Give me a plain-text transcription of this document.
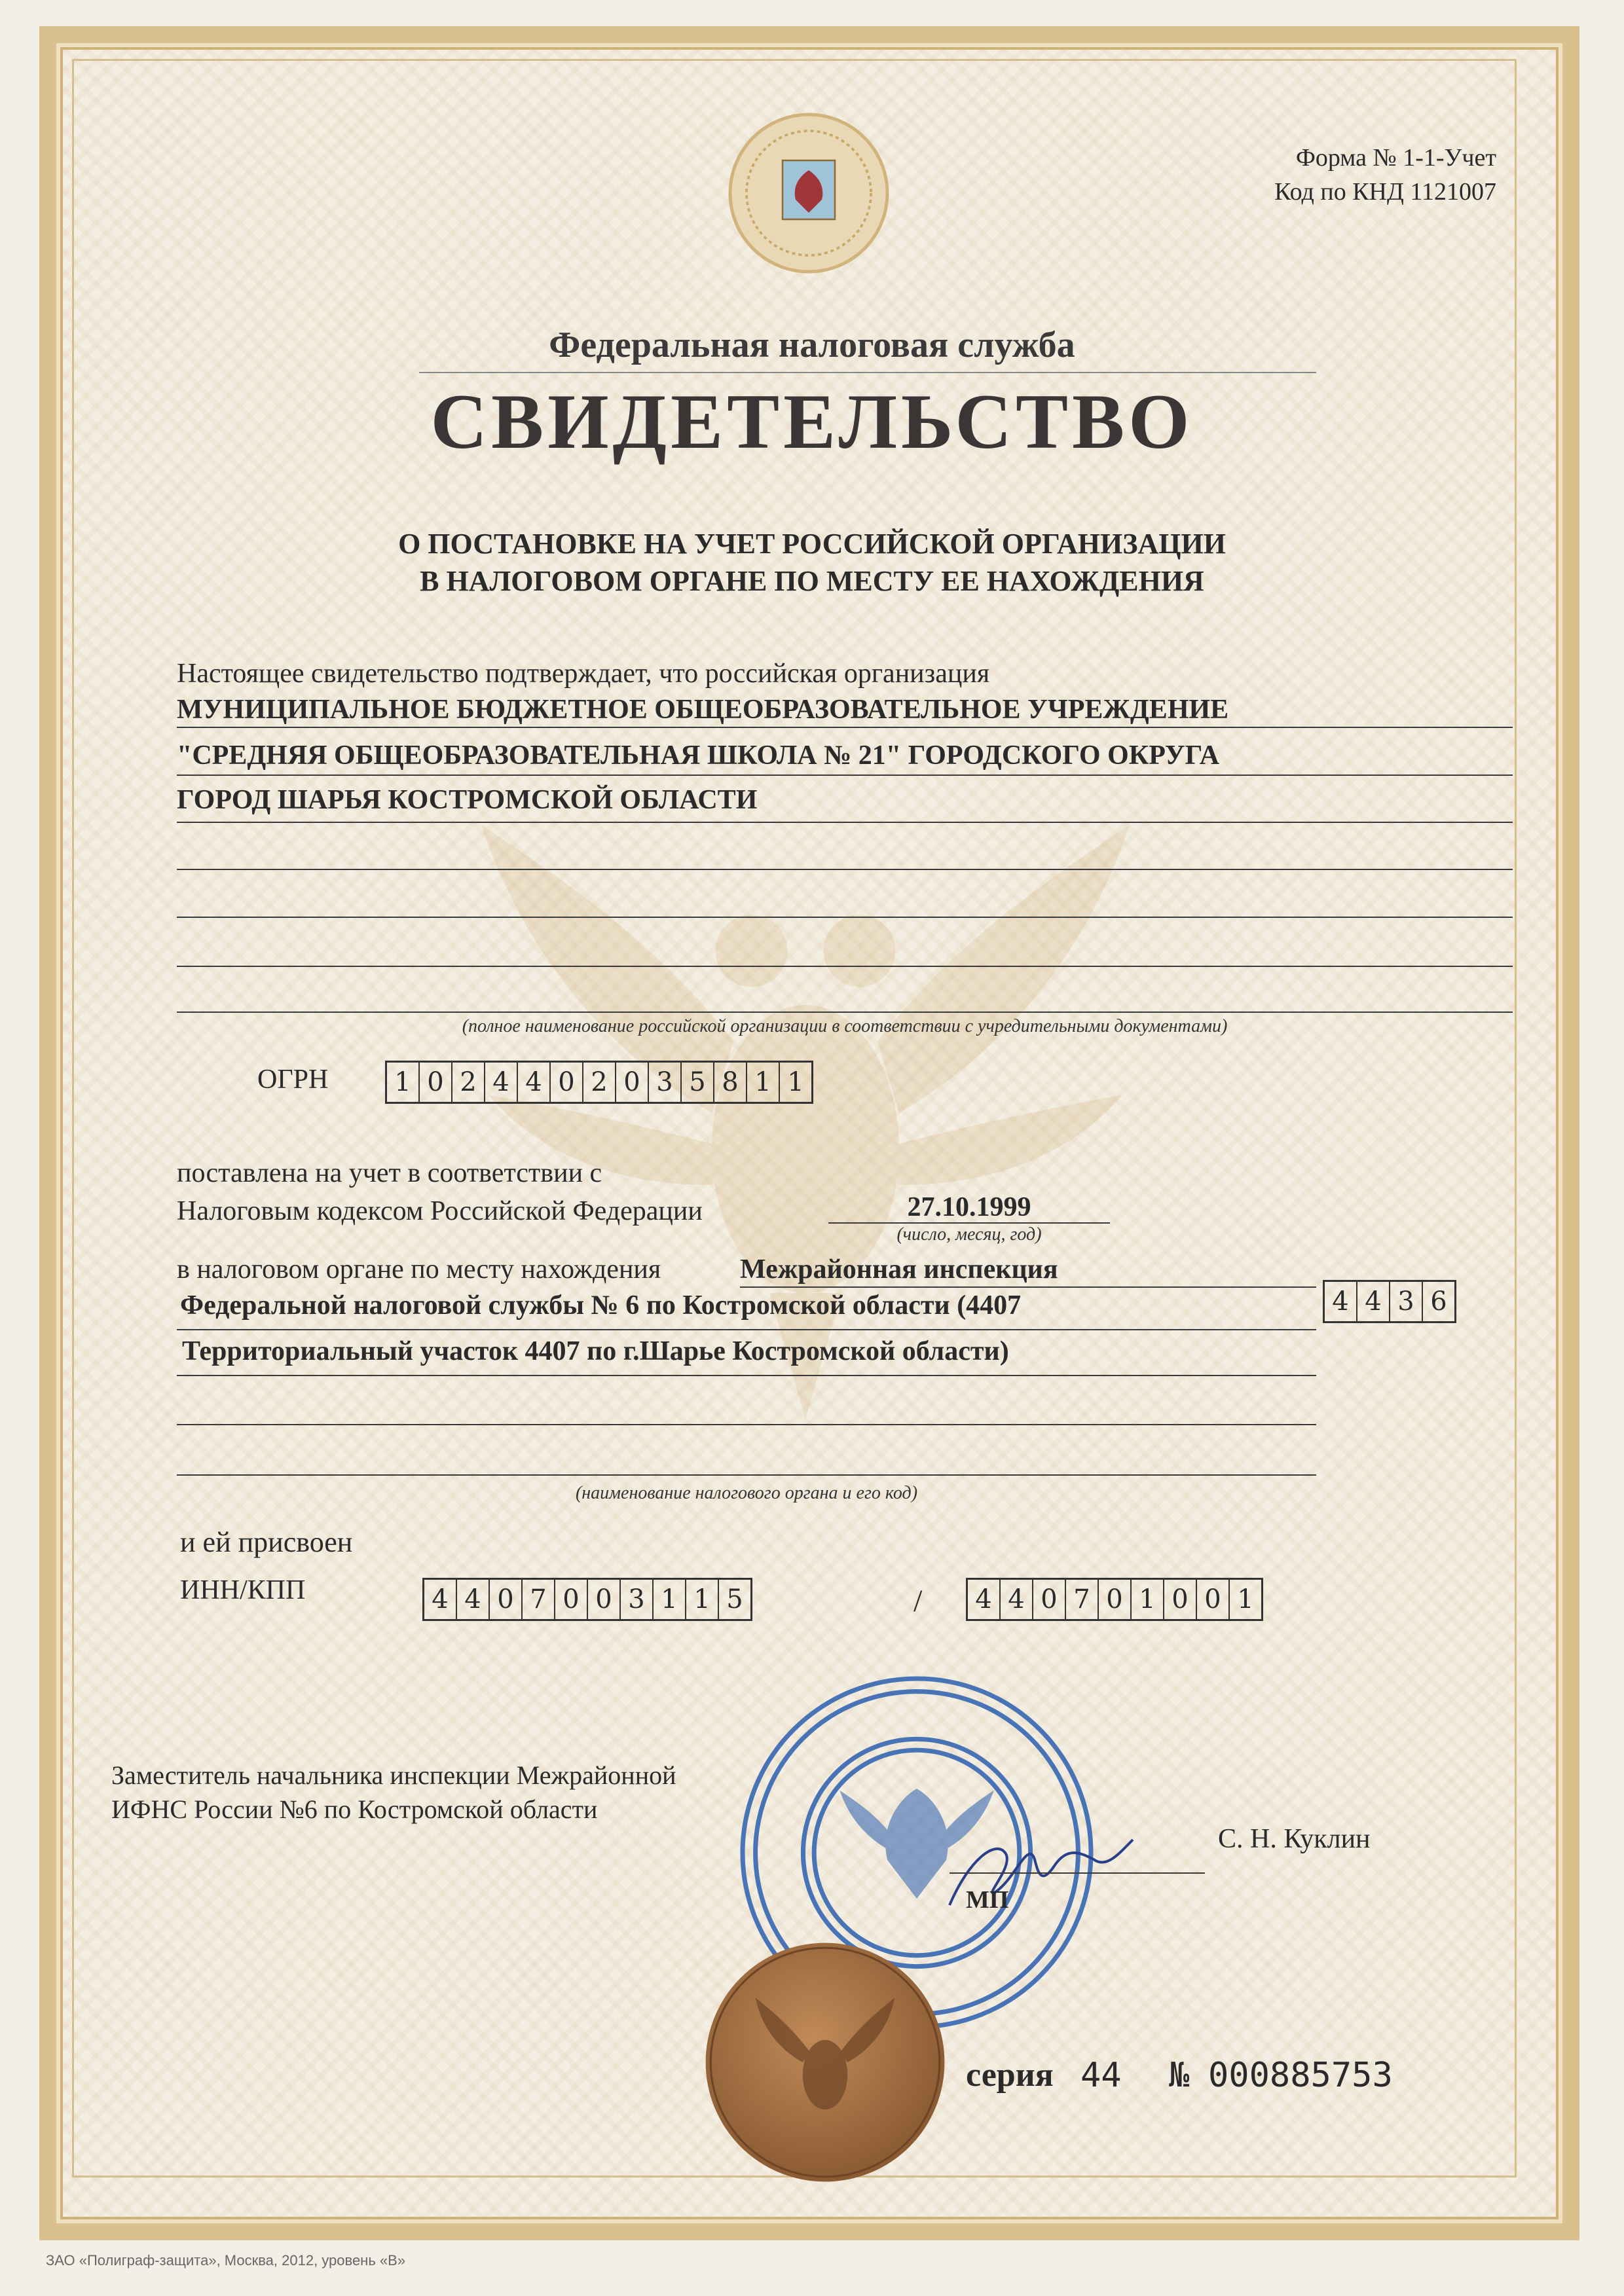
Форма № 1-1-Учет
Код по КНД 1121007
Федеральная налоговая служба
СВИДЕТЕЛЬСТВО
О ПОСТАНОВКЕ НА УЧЕТ РОССИЙСКОЙ ОРГАНИЗАЦИИ
В НАЛОГОВОМ ОРГАНЕ ПО МЕСТУ ЕЕ НАХОЖДЕНИЯ
Настоящее свидетельство подтверждает, что российская организация
МУНИЦИПАЛЬНОЕ БЮДЖЕТНОЕ ОБЩЕОБРАЗОВАТЕЛЬНОЕ УЧРЕЖДЕНИЕ
"СРЕДНЯЯ ОБЩЕОБРАЗОВАТЕЛЬНАЯ ШКОЛА № 21" ГОРОДСКОГО ОКРУГА
ГОРОД ШАРЬЯ КОСТРОМСКОЙ ОБЛАСТИ
(полное наименование российской организации в соответствии с учредительными документами)
ОГРН	1 0 2 4 4 0 2 0 3 5 8 1 1
поставлена на учет в соответствии с
Налоговым кодексом Российской Федерации	27.10.1999
(число, месяц, год)
в налоговом органе по месту нахождения	Межрайонная инспекция
Федеральной налоговой службы № 6 по Костромской области (4407	4 4 3 6
Территориальный участок 4407 по г.Шарье Костромской области)
(наименование налогового органа и его код)
и ей присвоен
ИНН/КПП	4 4 0 7 0 0 3 1 1 5	/ 4 4 0 7 0 1 0 0 1
Заместитель начальника инспекции Межрайонной
ИФНС России №6 по Костромской области
С. Н. Куклин
МП
серия 44 № 000885753
ЗАО «Полиграф-защита», Москва, 2012, уровень «В»
